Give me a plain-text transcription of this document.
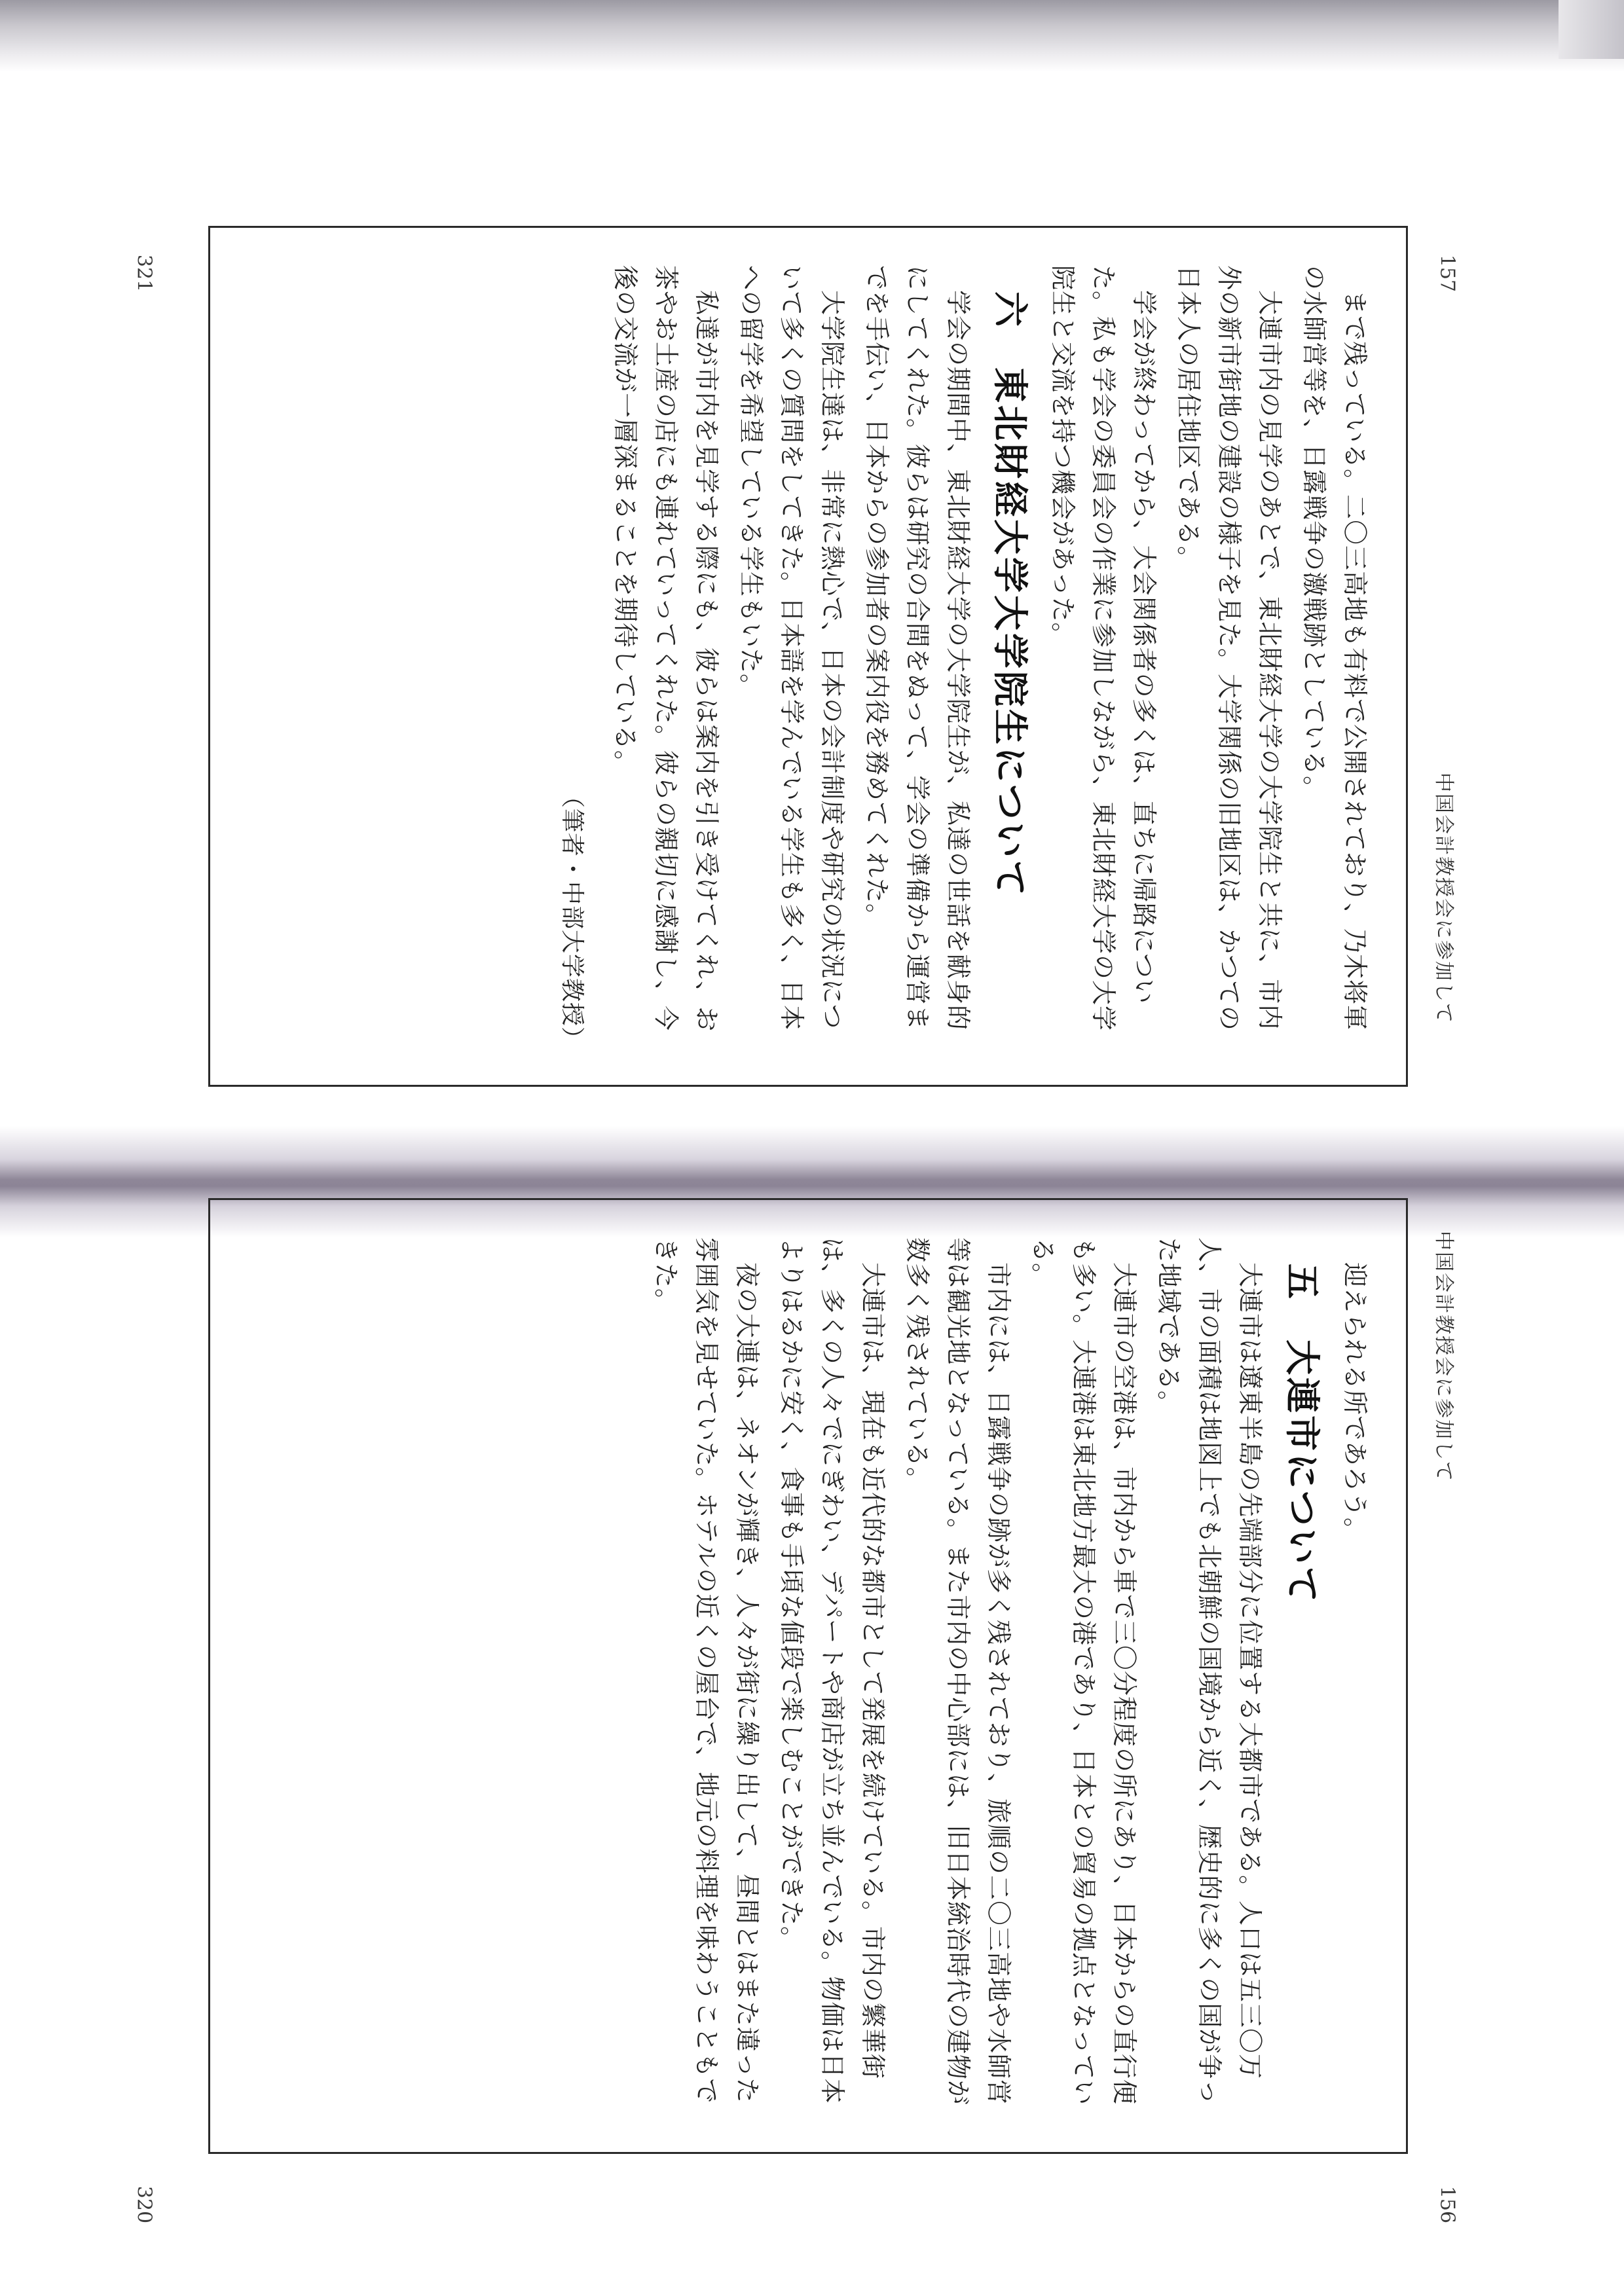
321	157
320	156
中国会計教授会に参加して
中国会計教授会に参加して

まで残っている。二〇三高地も有料で公開されており、乃木将軍の水師営等を、日露戦争の激戦跡としている。

大連市内の見学のあとで、東北財経大学の大学院生と共に、市内外の新市街地の建設の様子を見た。大学関係の旧地区は、かつての日本人の居住地区である。

学会が終わってから、大会関係者の多くは、直ちに帰路についた。私も学会の委員会の作業に参加しながら、東北財経大学の大学院生と交流を持つ機会があった。

六　東北財経大学大学院生について

学会の期間中、東北財経大学の大学院生が、私達の世話を献身的にしてくれた。彼らは研究の合間をぬって、学会の準備から運営までを手伝い、日本からの参加者の案内役を務めてくれた。

大学院生達は、非常に熱心で、日本の会計制度や研究の状況について多くの質問をしてきた。日本語を学んでいる学生も多く、日本への留学を希望している学生もいた。

私達が市内を見学する際にも、彼らは案内を引き受けてくれ、お茶やお土産の店にも連れていってくれた。彼らの親切に感謝し、今後の交流が一層深まることを期待している。

（筆者・中部大学教授）

迎えられる所であろう。

五　大連市について

大連市は遼東半島の先端部分に位置する大都市である。人口は五三〇万人、市の面積は地図上でも北朝鮮の国境から近く、歴史的に多くの国が争った地域である。

大連市の空港は、市内から車で三〇分程度の所にあり、日本からの直行便も多い。大連港は東北地方最大の港であり、日本との貿易の拠点となっている。

市内には、日露戦争の跡が多く残されており、旅順の二〇三高地や水師営等は観光地となっている。また市内の中心部には、旧日本統治時代の建物が数多く残されている。

大連市は、現在も近代的な都市として発展を続けている。市内の繁華街は、多くの人々でにぎわい、デパートや商店が立ち並んでいる。物価は日本よりはるかに安く、食事も手頃な値段で楽しむことができた。

夜の大連は、ネオンが輝き、人々が街に繰り出して、昼間とはまた違った雰囲気を見せていた。ホテルの近くの屋台で、地元の料理を味わうこともできた。
